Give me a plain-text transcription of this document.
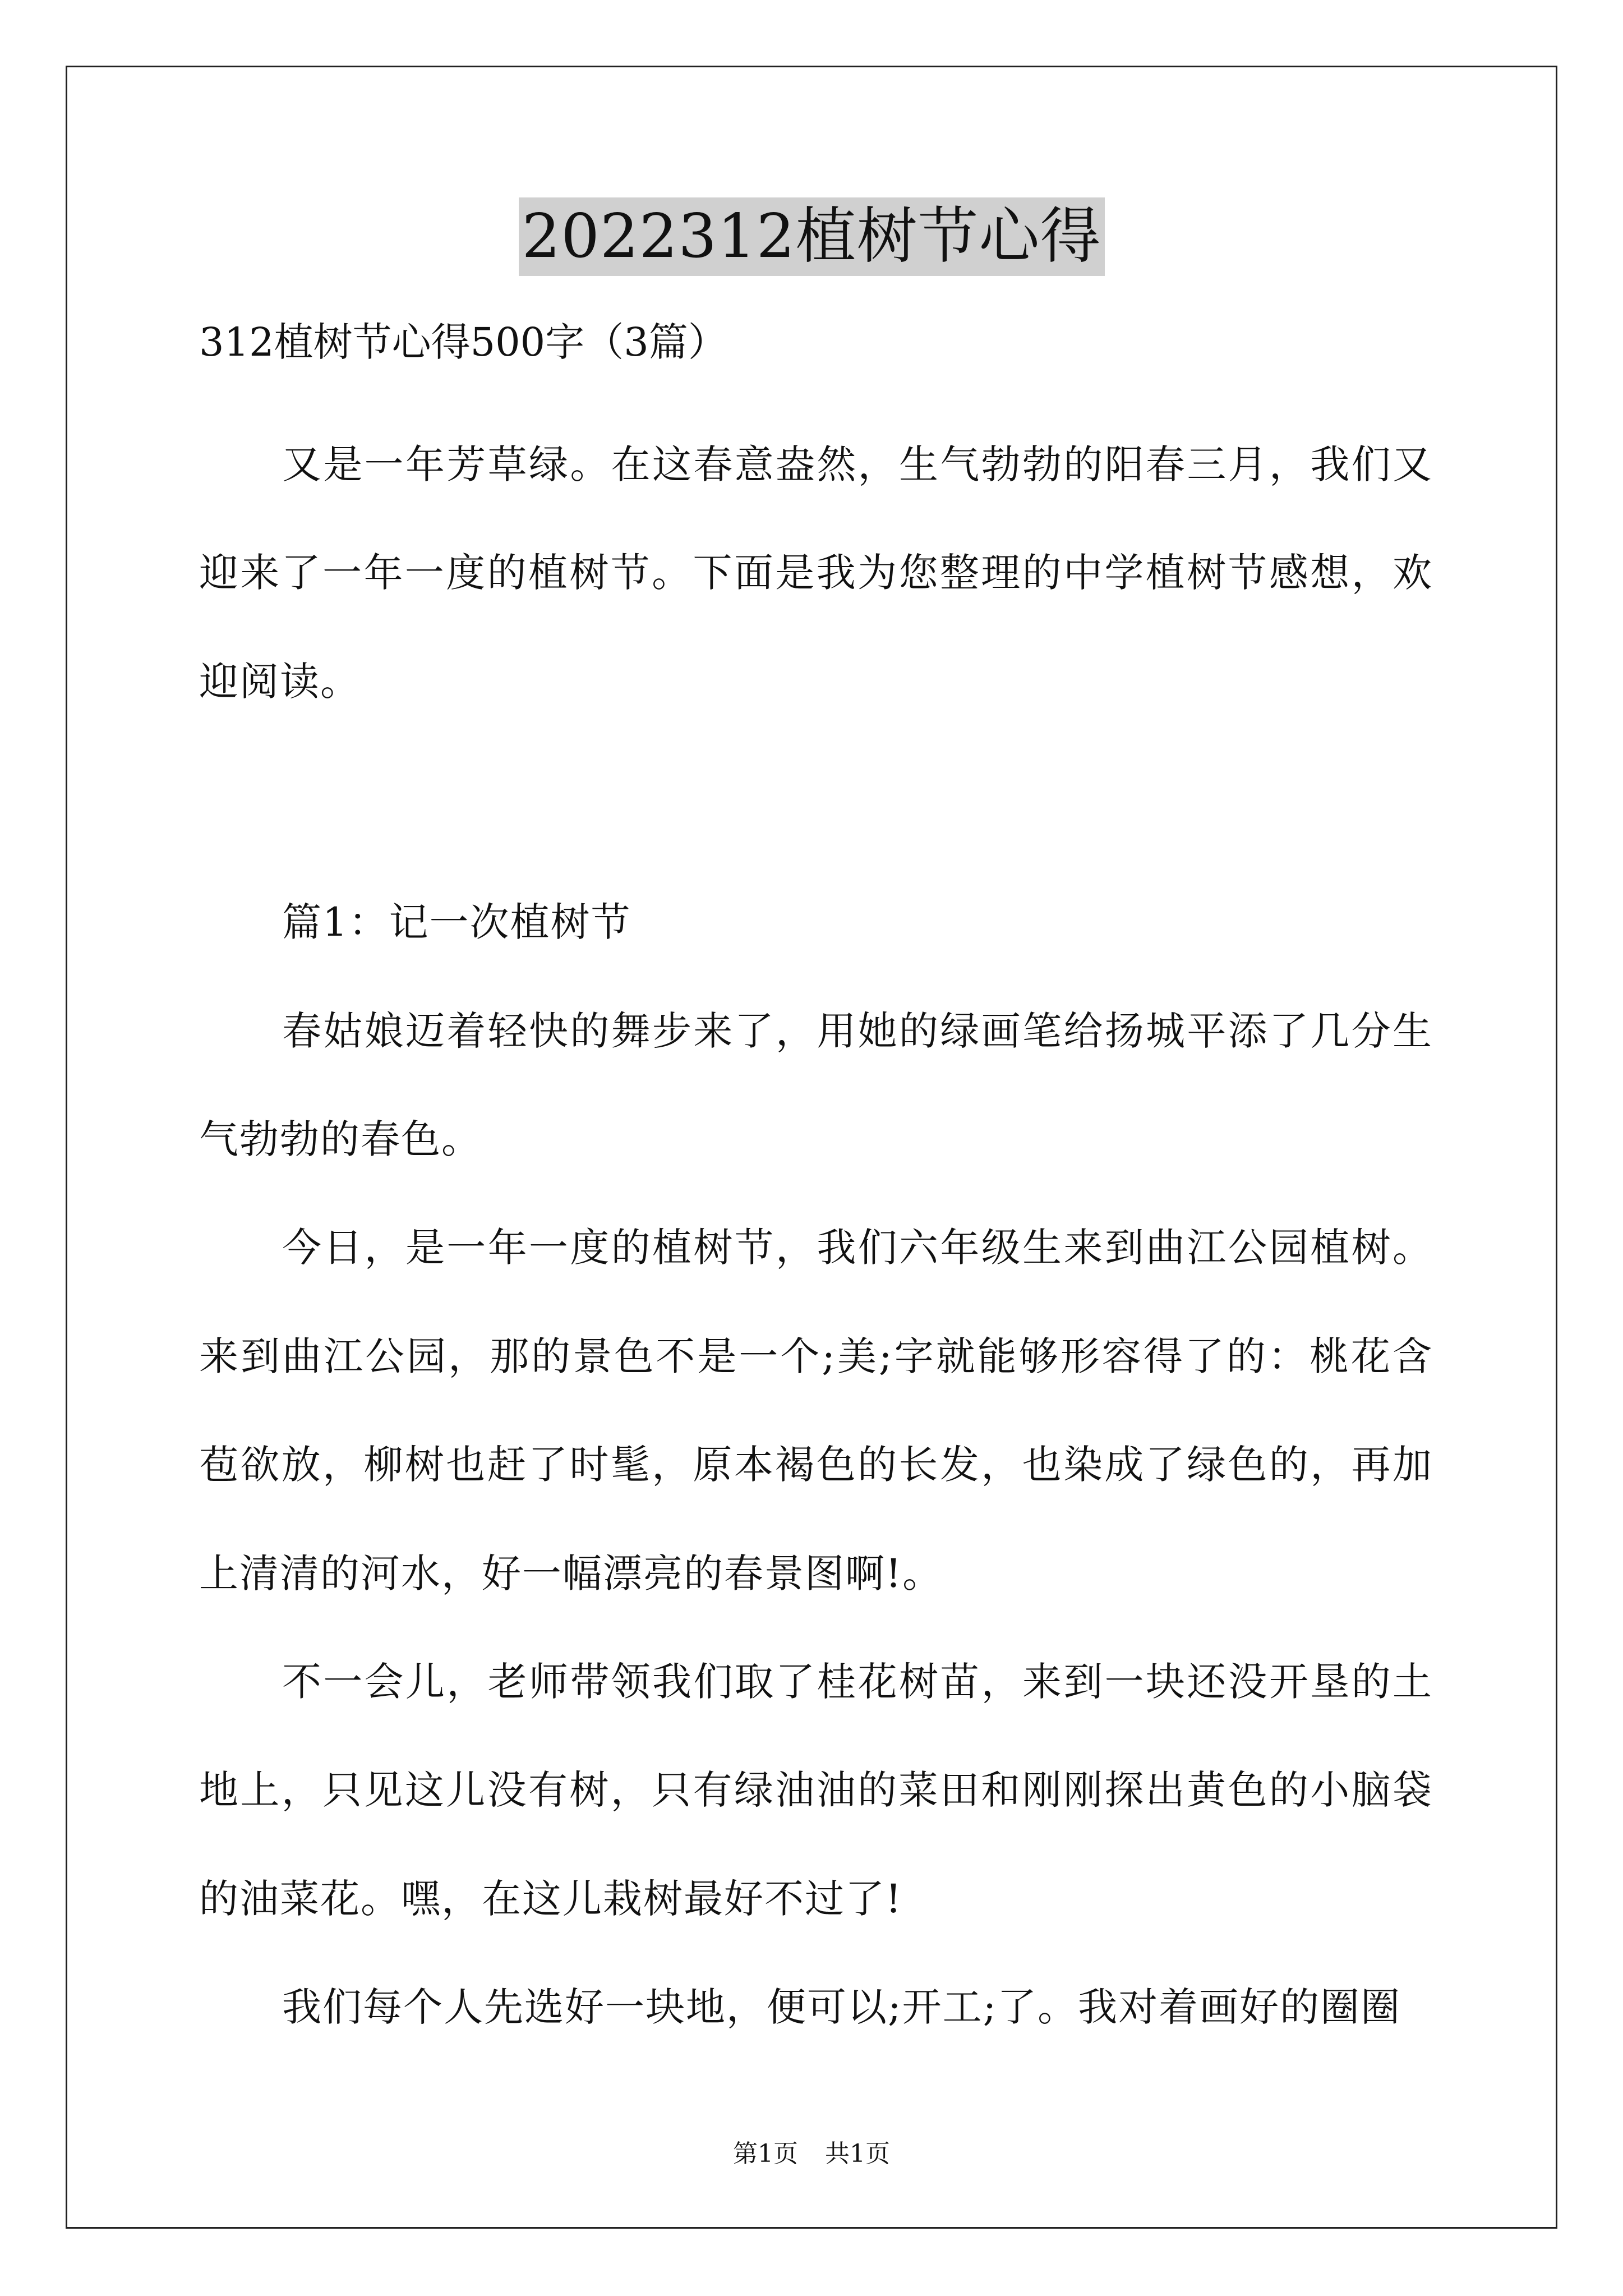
2022312植树节心得

312植树节心得500字（3篇）

又是一年芳草绿。在这春意盎然，生气勃勃的阳春三月，我们又迎来了一年一度的植树节。下面是我为您整理的中学植树节感想，欢迎阅读。

篇1：记一次植树节

春姑娘迈着轻快的舞步来了，用她的绿画笔给扬城平添了几分生气勃勃的春色。

今日，是一年一度的植树节，我们六年级生来到曲江公园植树。来到曲江公园，那的景色不是一个;美;字就能够形容得了的：桃花含苞欲放，柳树也赶了时髦，原本褐色的长发，也染成了绿色的，再加上清清的河水，好一幅漂亮的春景图啊!。

不一会儿，老师带领我们取了桂花树苗，来到一块还没开垦的土地上，只见这儿没有树，只有绿油油的菜田和刚刚探出黄色的小脑袋的油菜花。嘿，在这儿栽树最好不过了!

我们每个人先选好一块地，便可以;开工;了。我对着画好的圈圈

第1页 共1页
